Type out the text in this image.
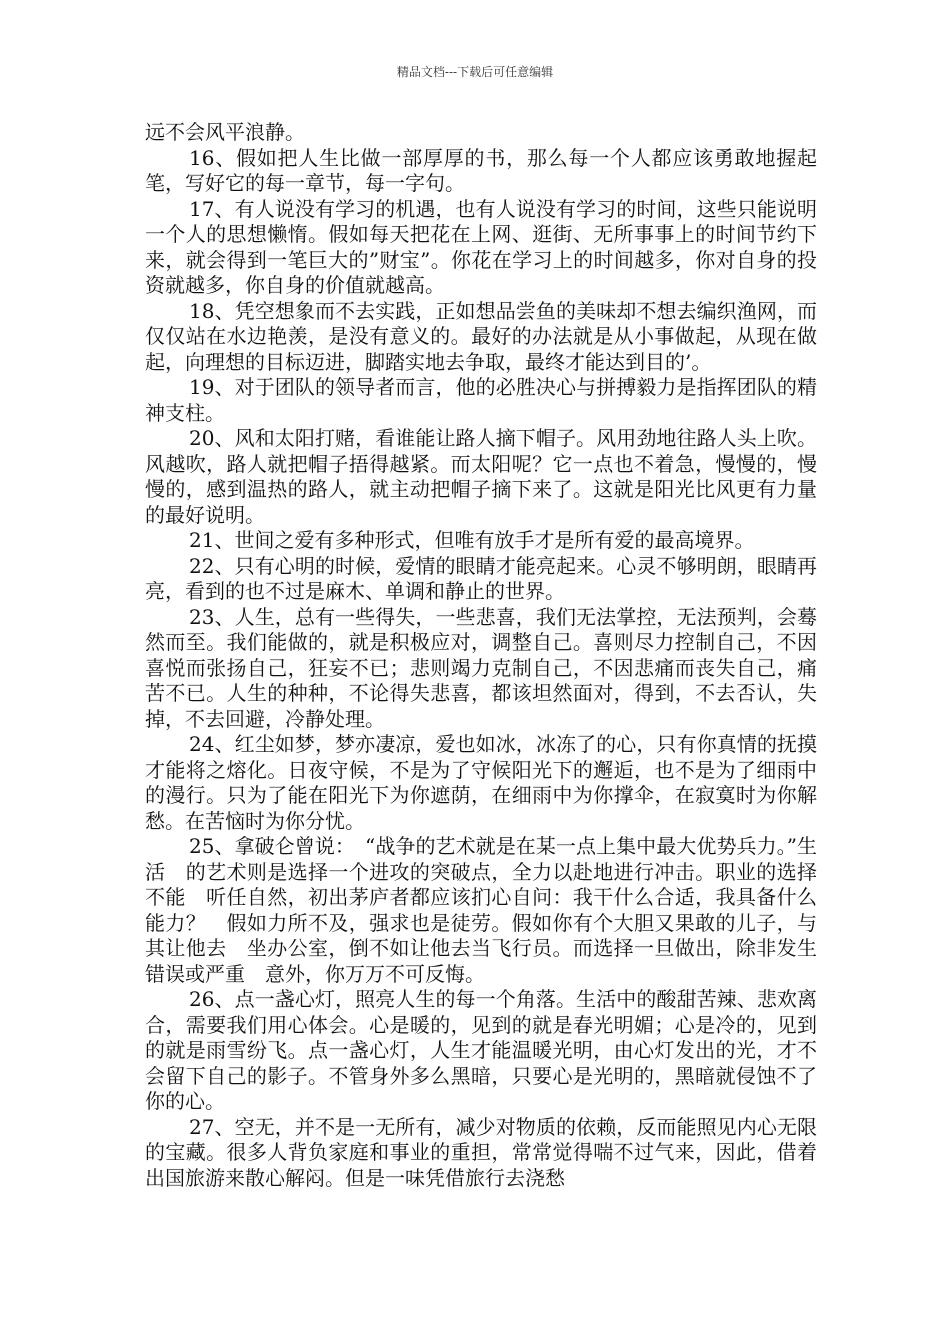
精品文档---下载后可任意编辑

远不会风平浪静。

16、假如把人生比做一部厚厚的书，那么每一个人都应该勇敢地握起笔，写好它的每一章节，每一字句。

17、有人说没有学习的机遇，也有人说没有学习的时间，这些只能说明一个人的思想懒惰。假如每天把花在上网、逛街、无所事事上的时间节约下来，就会得到一笔巨大的”财宝”。你花在学习上的时间越多，你对自身的投资就越多，你自身的价值就越高。

18、凭空想象而不去实践，正如想品尝鱼的美味却不想去编织渔网，而仅仅站在水边艳羡，是没有意义的。最好的办法就是从小事做起，从现在做起，向理想的目标迈进，脚踏实地去争取，最终才能达到目的’。

19、对于团队的领导者而言，他的必胜决心与拼搏毅力是指挥团队的精神支柱。

20、风和太阳打赌，看谁能让路人摘下帽子。风用劲地往路人头上吹。风越吹，路人就把帽子捂得越紧。而太阳呢？它一点也不着急，慢慢的，慢慢的，感到温热的路人，就主动把帽子摘下来了。这就是阳光比风更有力量的最好说明。

21、世间之爱有多种形式，但唯有放手才是所有爱的最高境界。

22、只有心明的时候，爱情的眼睛才能亮起来。心灵不够明朗，眼睛再亮，看到的也不过是麻木、单调和静止的世界。

23、人生，总有一些得失，一些悲喜，我们无法掌控，无法预判，会蓦然而至。我们能做的，就是积极应对，调整自己。喜则尽力控制自己，不因喜悦而张扬自己，狂妄不已；悲则竭力克制自己，不因悲痛而丧失自己，痛苦不已。人生的种种，不论得失悲喜，都该坦然面对，得到，不去否认，失掉，不去回避，冷静处理。

24、红尘如梦，梦亦凄凉，爱也如冰，冰冻了的心，只有你真情的抚摸才能将之熔化。日夜守候，不是为了守候阳光下的邂逅，也不是为了细雨中的漫行。只为了能在阳光下为你遮荫，在细雨中为你撑伞，在寂寞时为你解愁。在苦恼时为你分忧。

25、拿破仑曾说：　“战争的艺术就是在某一点上集中最大优势兵力。”生活　的艺术则是选择一个进攻的突破点，全力以赴地进行冲击。职业的选择不能　听任自然，初出茅庐者都应该扪心自问：我干什么合适，我具备什么能力？　假如力所不及，强求也是徒劳。假如你有个大胆又果敢的儿子，与其让他去　坐办公室，倒不如让他去当飞行员。而选择一旦做出，除非发生错误或严重　意外，你万万不可反悔。

26、点一盏心灯，照亮人生的每一个角落。生活中的酸甜苦辣、悲欢离合，需要我们用心体会。心是暖的，见到的就是春光明媚；心是冷的，见到的就是雨雪纷飞。点一盏心灯，人生才能温暖光明，由心灯发出的光，才不会留下自己的影子。不管身外多么黑暗，只要心是光明的，黑暗就侵蚀不了你的心。

27、空无，并不是一无所有，减少对物质的依赖，反而能照见内心无限的宝藏。很多人背负家庭和事业的重担，常常觉得喘不过气来，因此，借着出国旅游来散心解闷。但是一味凭借旅行去浇愁
